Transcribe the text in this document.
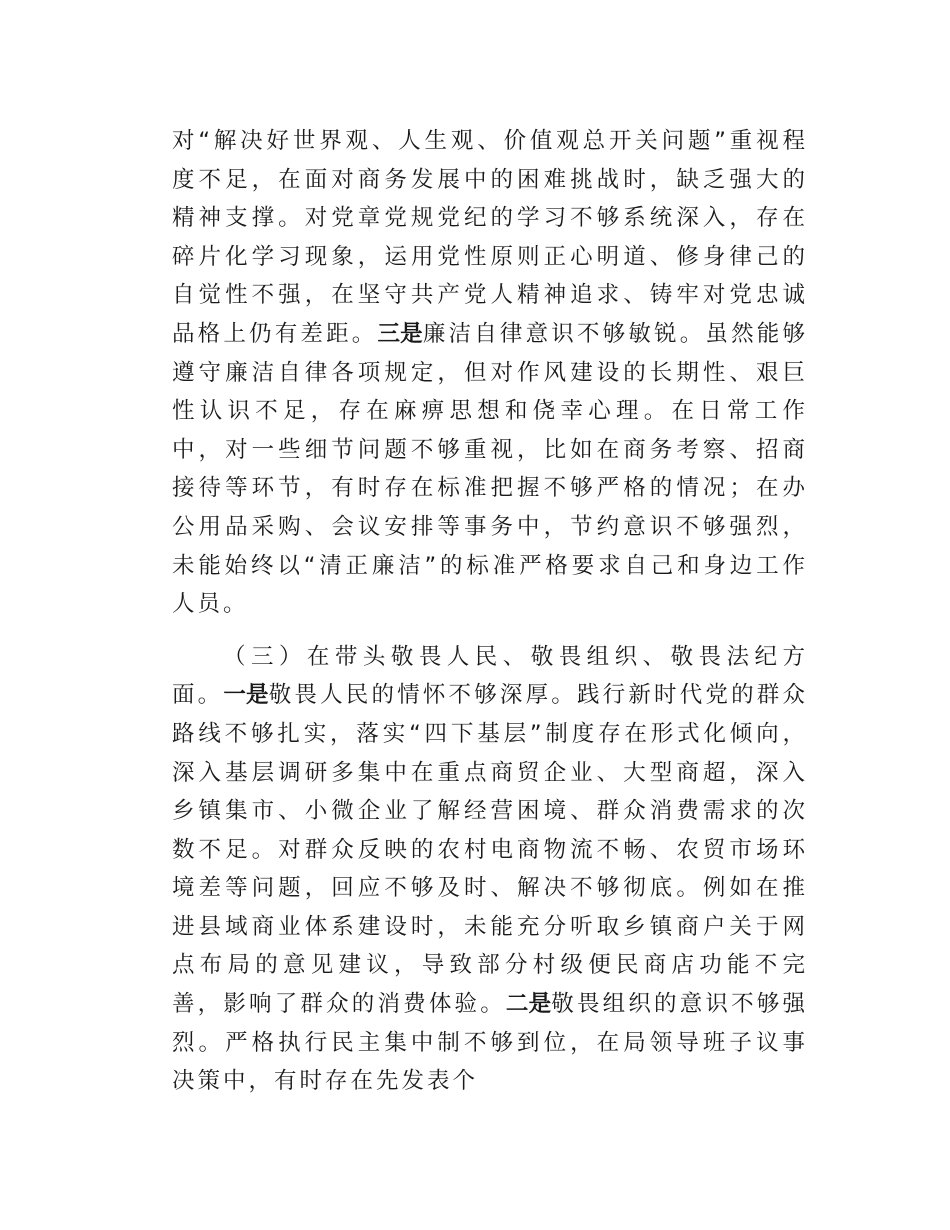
对“解决好世界观、人生观、价值观总开关问题”重视程度不足，在面对商务发展中的困难挑战时，缺乏强大的精神支撑。对党章党规党纪的学习不够系统深入，存在碎片化学习现象，运用党性原则正心明道、修身律己的自觉性不强，在坚守共产党人精神追求、铸牢对党忠诚品格上仍有差距。三是廉洁自律意识不够敏锐。虽然能够遵守廉洁自律各项规定，但对作风建设的长期性、艰巨性认识不足，存在麻痹思想和侥幸心理。在日常工作中，对一些细节问题不够重视，比如在商务考察、招商接待等环节，有时存在标准把握不够严格的情况；在办公用品采购、会议安排等事务中，节约意识不够强烈，未能始终以“清正廉洁”的标准严格要求自己和身边工作人员。

（三）在带头敬畏人民、敬畏组织、敬畏法纪方面。一是敬畏人民的情怀不够深厚。践行新时代党的群众路线不够扎实，落实“四下基层”制度存在形式化倾向，深入基层调研多集中在重点商贸企业、大型商超，深入乡镇集市、小微企业了解经营困境、群众消费需求的次数不足。对群众反映的农村电商物流不畅、农贸市场环境差等问题，回应不够及时、解决不够彻底。例如在推进县域商业体系建设时，未能充分听取乡镇商户关于网点布局的意见建议，导致部分村级便民商店功能不完善，影响了群众的消费体验。二是敬畏组织的意识不够强烈。严格执行民主集中制不够到位，在局领导班子议事决策中，有时存在先发表个
